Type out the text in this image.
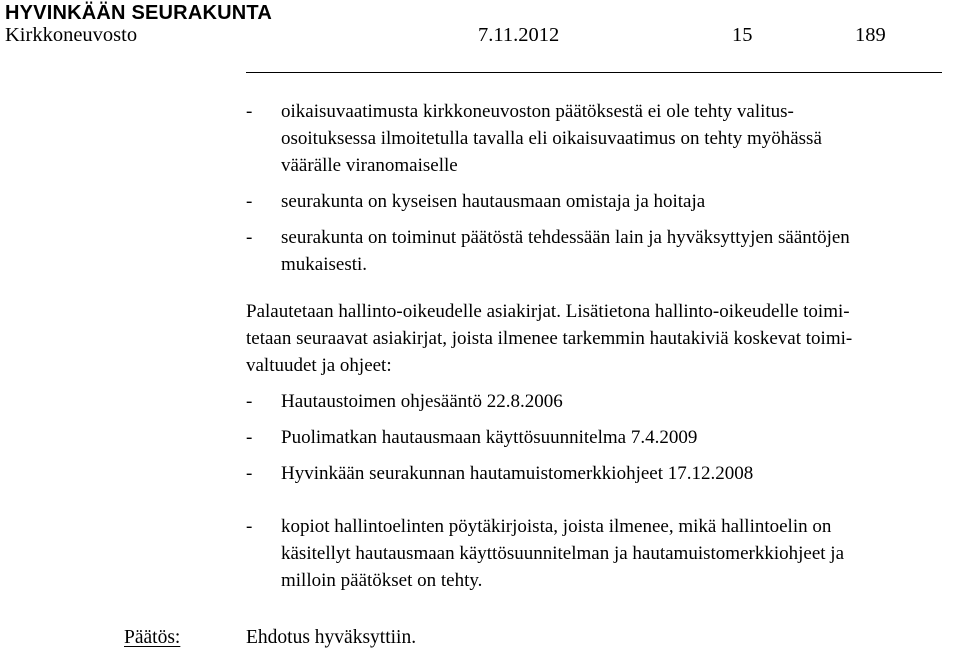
HYVINKÄÄN SEURAKUNTA
Kirkkoneuvosto	7.11.2012	15	189
- oikaisuvaatimusta kirkkoneuvoston päätöksestä ei ole tehty valitus-
osoituksessa ilmoitetulla tavalla eli oikaisuvaatimus on tehty myöhässä
väärälle viranomaiselle
- seurakunta on kyseisen hautausmaan omistaja ja hoitaja
- seurakunta on toiminut päätöstä tehdessään lain ja hyväksyttyjen sääntöjen
mukaisesti.
Palautetaan hallinto-oikeudelle asiakirjat. Lisätietona hallinto-oikeudelle toimi-
tetaan seuraavat asiakirjat, joista ilmenee tarkemmin hautakiviä koskevat toimi-
valtuudet ja ohjeet:
- Hautaustoimen ohjesääntö 22.8.2006
- Puolimatkan hautausmaan käyttösuunnitelma 7.4.2009
- Hyvinkään seurakunnan hautamuistomerkkiohjeet 17.12.2008
- kopiot hallintoelinten pöytäkirjoista, joista ilmenee, mikä hallintoelin on
käsitellyt hautausmaan käyttösuunnitelman ja hautamuistomerkkiohjeet ja
milloin päätökset on tehty.
Päätös:	Ehdotus hyväksyttiin.
